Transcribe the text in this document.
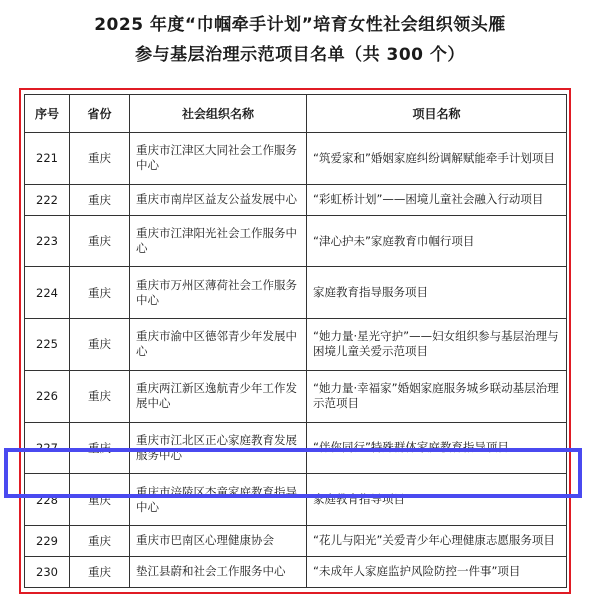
2025 年度“巾帼牵手计划”培育女性社会组织领头雁
参与基层治理示范项目名单（共 300 个）
序号	省份	社会组织名称	项目名称
221	重庆	重庆市江津区大同社会工作服务中心	“筑爱家和”婚姻家庭纠纷调解赋能牵手计划项目
222	重庆	重庆市南岸区益友公益发展中心	“彩虹桥计划”——困境儿童社会融入行动项目
223	重庆	重庆市江津阳光社会工作服务中心	“津心护未”家庭教育巾帼行项目
224	重庆	重庆市万州区薄荷社会工作服务中心	家庭教育指导服务项目
225	重庆	重庆市渝中区德邻青少年发展中心	“她力量·星光守护”——妇女组织参与基层治理与困境儿童关爱示范项目
226	重庆	重庆两江新区逸航青少年工作发展中心	“她力量·幸福家”婚姻家庭服务城乡联动基层治理示范项目
227	重庆	重庆市江北区正心家庭教育发展服务中心	“伴你同行”特殊群体家庭教育指导项目
228	重庆	重庆市涪陵区杰童家庭教育指导中心	家庭教育指导项目
229	重庆	重庆市巴南区心理健康协会	“花儿与阳光”关爱青少年心理健康志愿服务项目
230	重庆	垫江县蔚和社会工作服务中心	“未成年人家庭监护风险防控一件事”项目
